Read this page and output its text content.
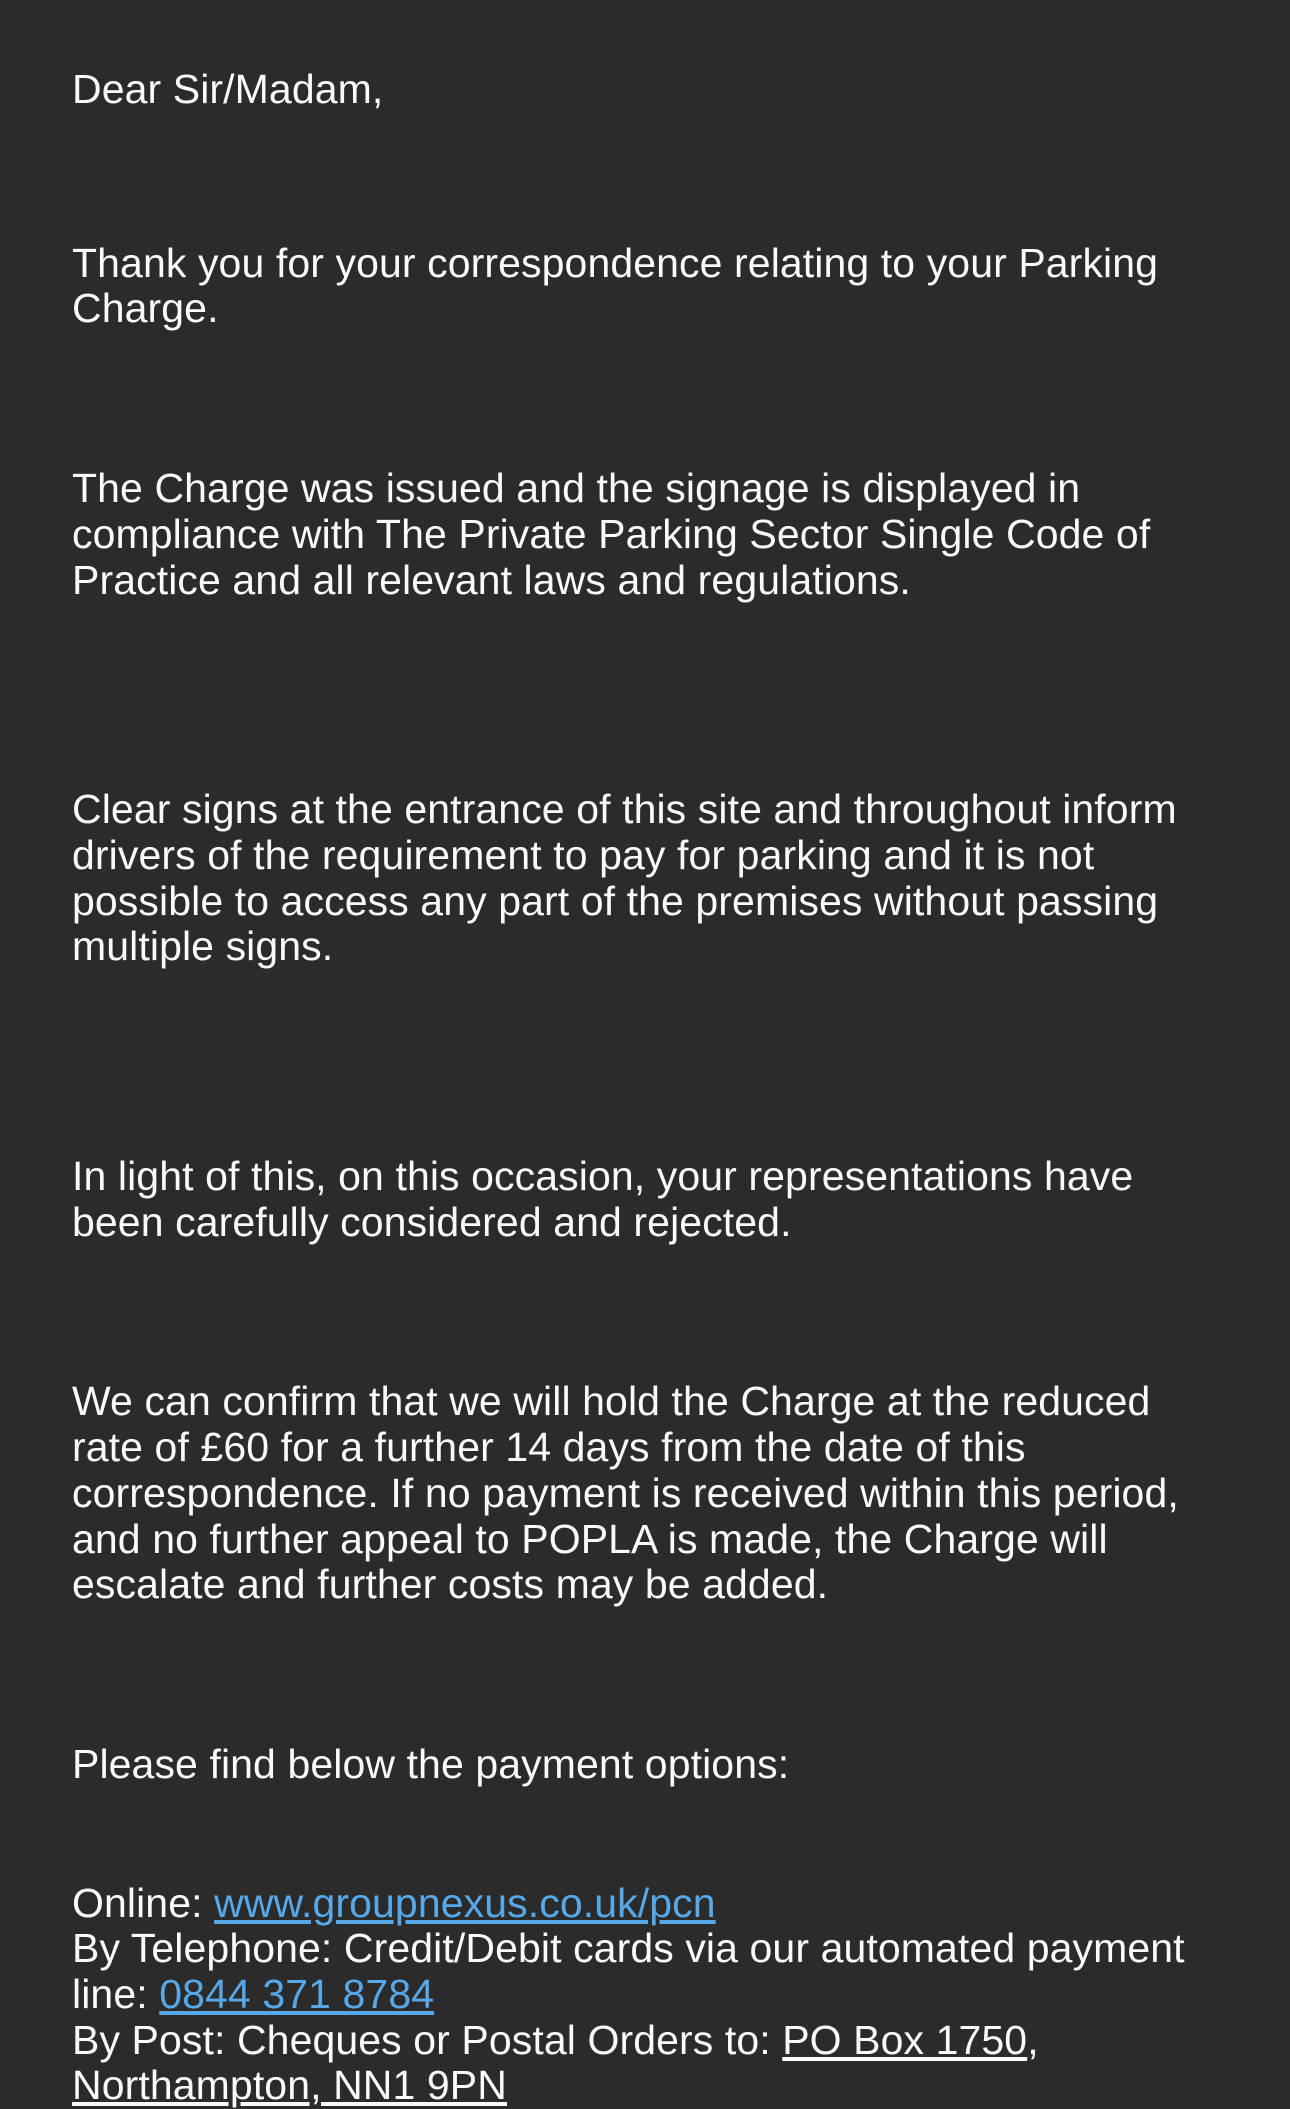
Dear Sir/Madam,

Thank you for your correspondence relating to your Parking Charge.

The Charge was issued and the signage is displayed in compliance with The Private Parking Sector Single Code of Practice and all relevant laws and regulations.

Clear signs at the entrance of this site and throughout inform drivers of the requirement to pay for parking and it is not possible to access any part of the premises without passing multiple signs.

In light of this, on this occasion, your representations have been carefully considered and rejected.

We can confirm that we will hold the Charge at the reduced rate of £60 for a further 14 days from the date of this correspondence. If no payment is received within this period, and no further appeal to POPLA is made, the Charge will escalate and further costs may be added.

Please find below the payment options:

Online: www.groupnexus.co.uk/pcn

By Telephone: Credit/Debit cards via our automated payment line: 0844 371 8784

By Post: Cheques or Postal Orders to: PO Box 1750,

Northampton, NN1 9PN
